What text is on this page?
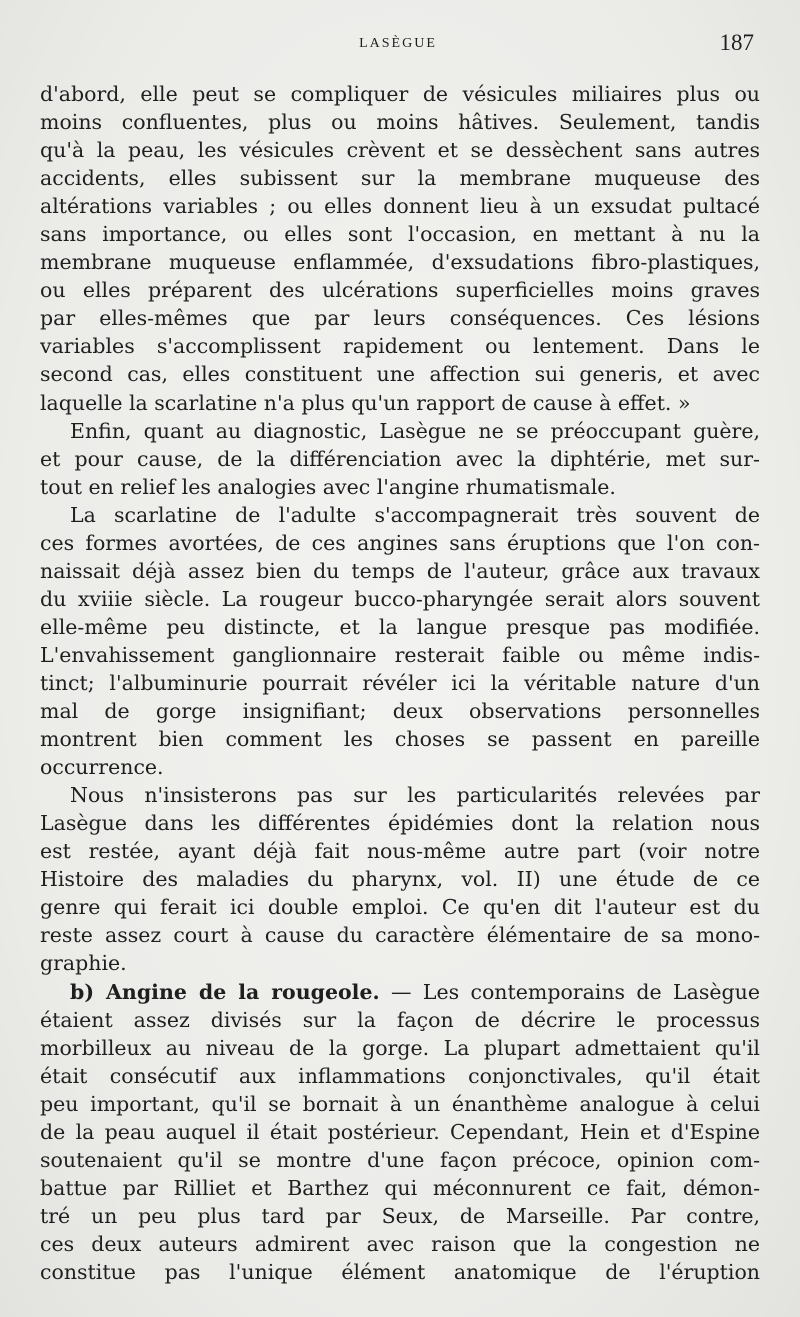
LASÈGUE	187
d'abord, elle peut se compliquer de vésicules miliaires plus ou
moins confluentes, plus ou moins hâtives. Seulement, tandis
qu'à la peau, les vésicules crèvent et se dessèchent sans autres
accidents, elles subissent sur la membrane muqueuse des
altérations variables ; ou elles donnent lieu à un exsudat pultacé
sans importance, ou elles sont l'occasion, en mettant à nu la
membrane muqueuse enflammée, d'exsudations fibro-plastiques,
ou elles préparent des ulcérations superficielles moins graves
par elles-mêmes que par leurs conséquences. Ces lésions
variables s'accomplissent rapidement ou lentement. Dans le
second cas, elles constituent une affection sui generis, et avec
laquelle la scarlatine n'a plus qu'un rapport de cause à effet. »
Enfin, quant au diagnostic, Lasègue ne se préoccupant guère,
et pour cause, de la différenciation avec la diphtérie, met sur-
tout en relief les analogies avec l'angine rhumatismale.
La scarlatine de l'adulte s'accompagnerait très souvent de
ces formes avortées, de ces angines sans éruptions que l'on con-
naissait déjà assez bien du temps de l'auteur, grâce aux travaux
du xviiie siècle. La rougeur bucco-pharyngée serait alors souvent
elle-même peu distincte, et la langue presque pas modifiée.
L'envahissement ganglionnaire resterait faible ou même indis-
tinct; l'albuminurie pourrait révéler ici la véritable nature d'un
mal de gorge insignifiant; deux observations personnelles
montrent bien comment les choses se passent en pareille
occurrence.
Nous n'insisterons pas sur les particularités relevées par
Lasègue dans les différentes épidémies dont la relation nous
est restée, ayant déjà fait nous-même autre part (voir notre
Histoire des maladies du pharynx, vol. II) une étude de ce
genre qui ferait ici double emploi. Ce qu'en dit l'auteur est du
reste assez court à cause du caractère élémentaire de sa mono-
graphie.
b) Angine de la rougeole. — Les contemporains de Lasègue
étaient assez divisés sur la façon de décrire le processus
morbilleux au niveau de la gorge. La plupart admettaient qu'il
était consécutif aux inflammations conjonctivales, qu'il était
peu important, qu'il se bornait à un énanthème analogue à celui
de la peau auquel il était postérieur. Cependant, Hein et d'Espine
soutenaient qu'il se montre d'une façon précoce, opinion com-
battue par Rilliet et Barthez qui méconnurent ce fait, démon-
tré un peu plus tard par Seux, de Marseille. Par contre,
ces deux auteurs admirent avec raison que la congestion ne
constitue pas l'unique élément anatomique de l'éruption
